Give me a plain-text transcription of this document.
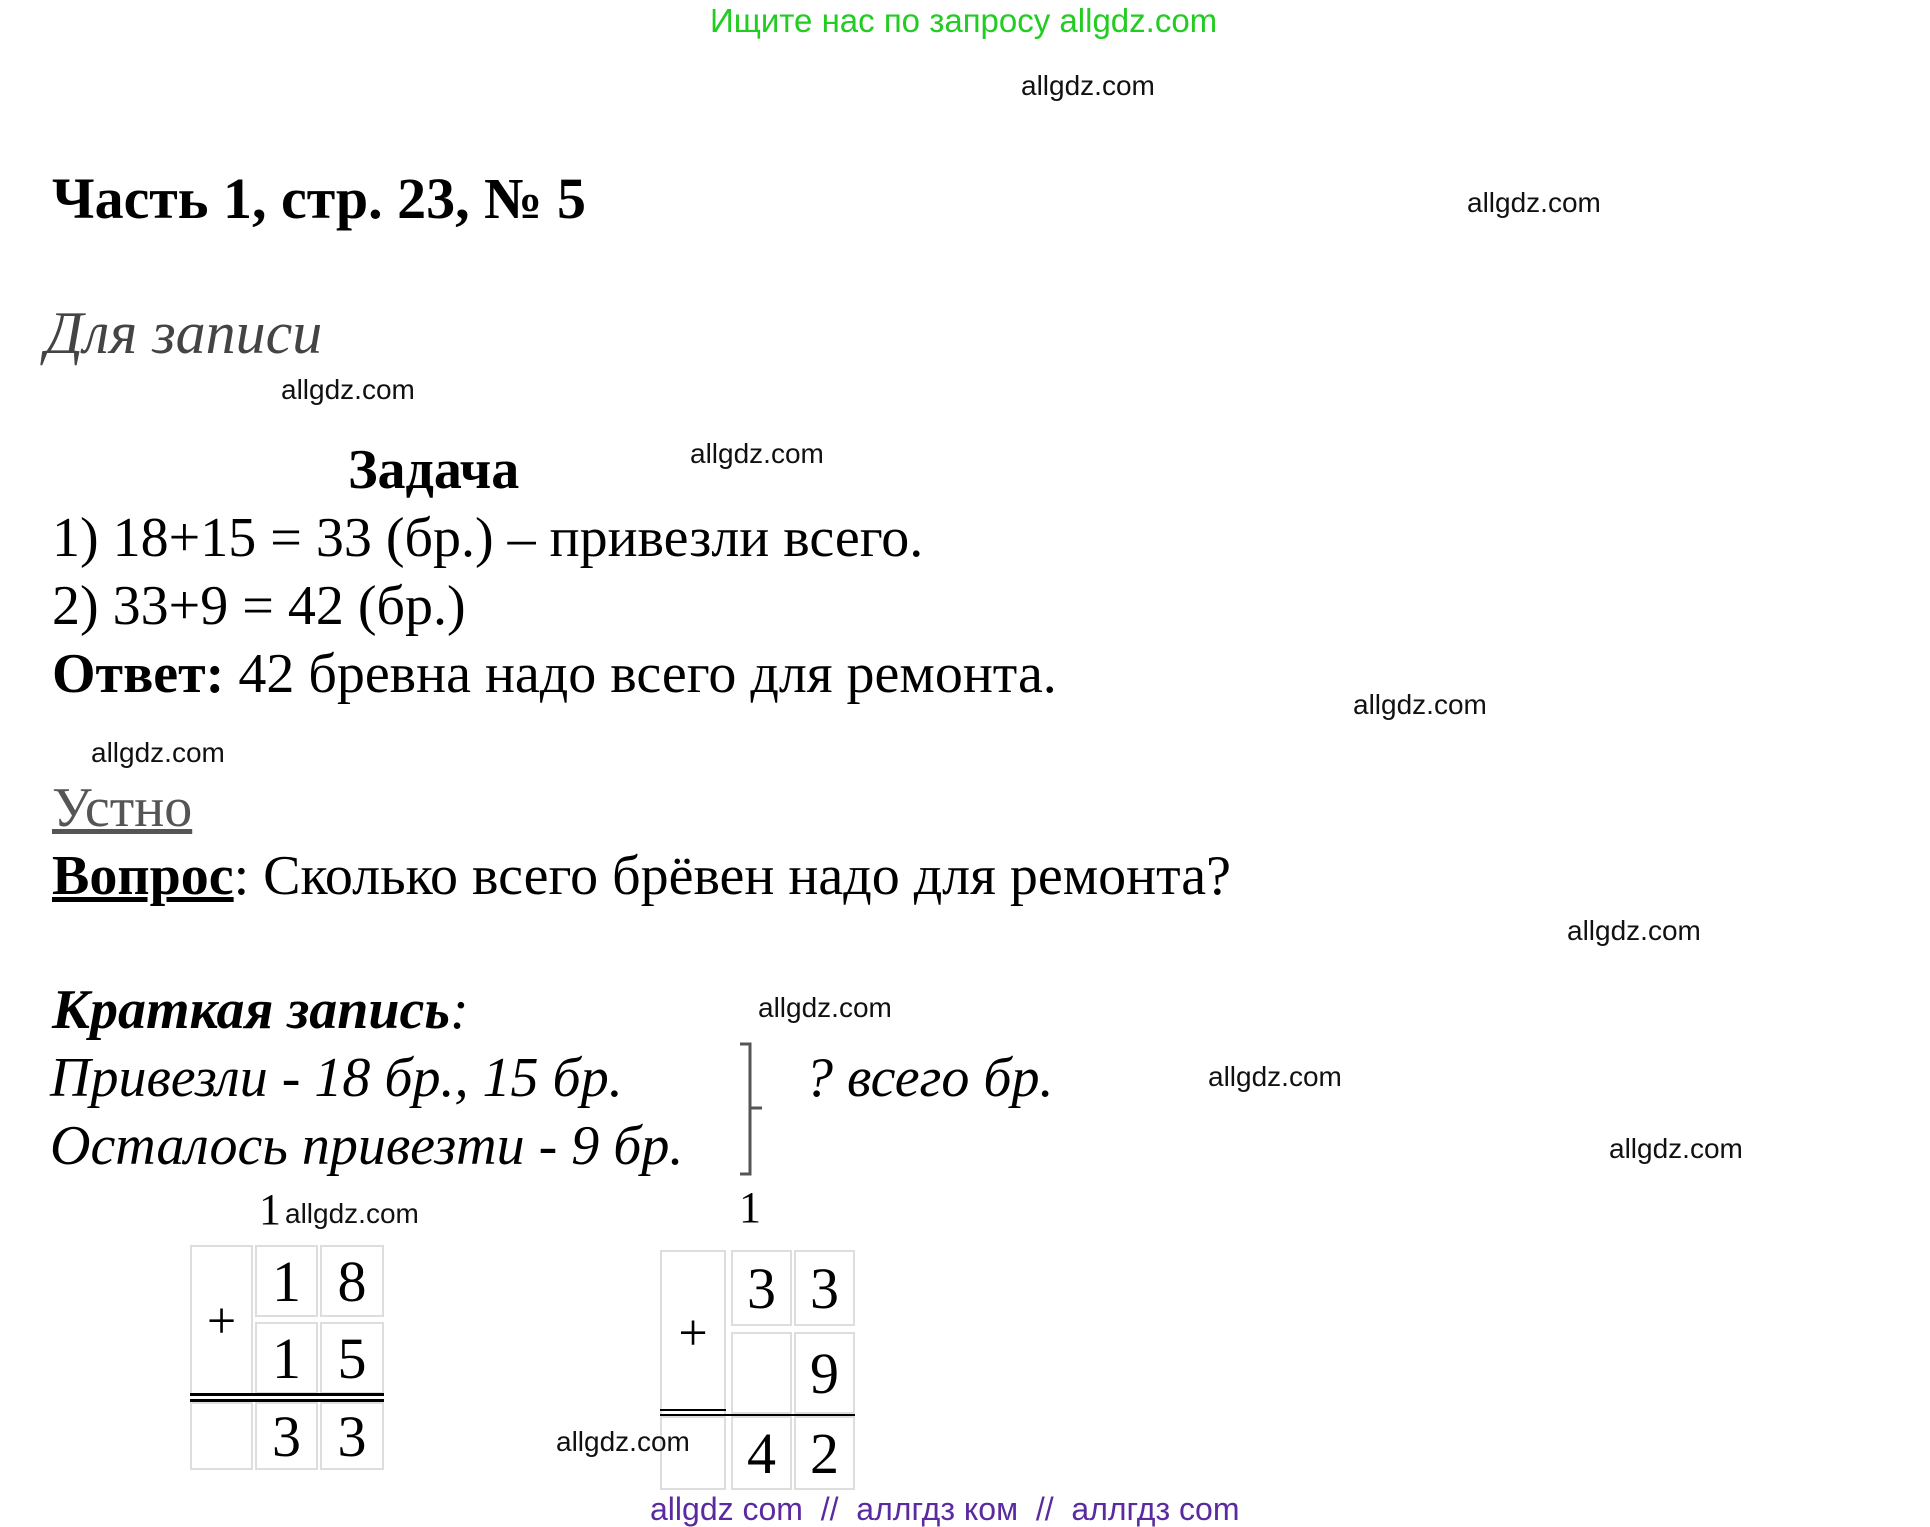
Ищите нас по запросу allgdz.com
allgdz.com
Часть 1, стр. 23, № 5	allgdz.com
Для записи
allgdz.com
Задача	allgdz.com
1) 18+15 = 33 (бр.) – привезли всего.
2) 33+9 = 42 (бр.)
Ответ: 42 бревна надо всего для ремонта.	allgdz.com
allgdz.com
Устно
Вопрос: Сколько всего брёвен надо для ремонта?
allgdz.com
Краткая запись:	allgdz.com
Привезли - 18 бр., 15 бр.
Осталось привезти - 9 бр.
? всего бр.	allgdz.com
allgdz.com
1 allgdz.com
+
1 8
1 5
3 3
1
+
3 3
9
4 2
allgdz.com
allgdz com  //  аллгдз ком  //  аллгдз com
